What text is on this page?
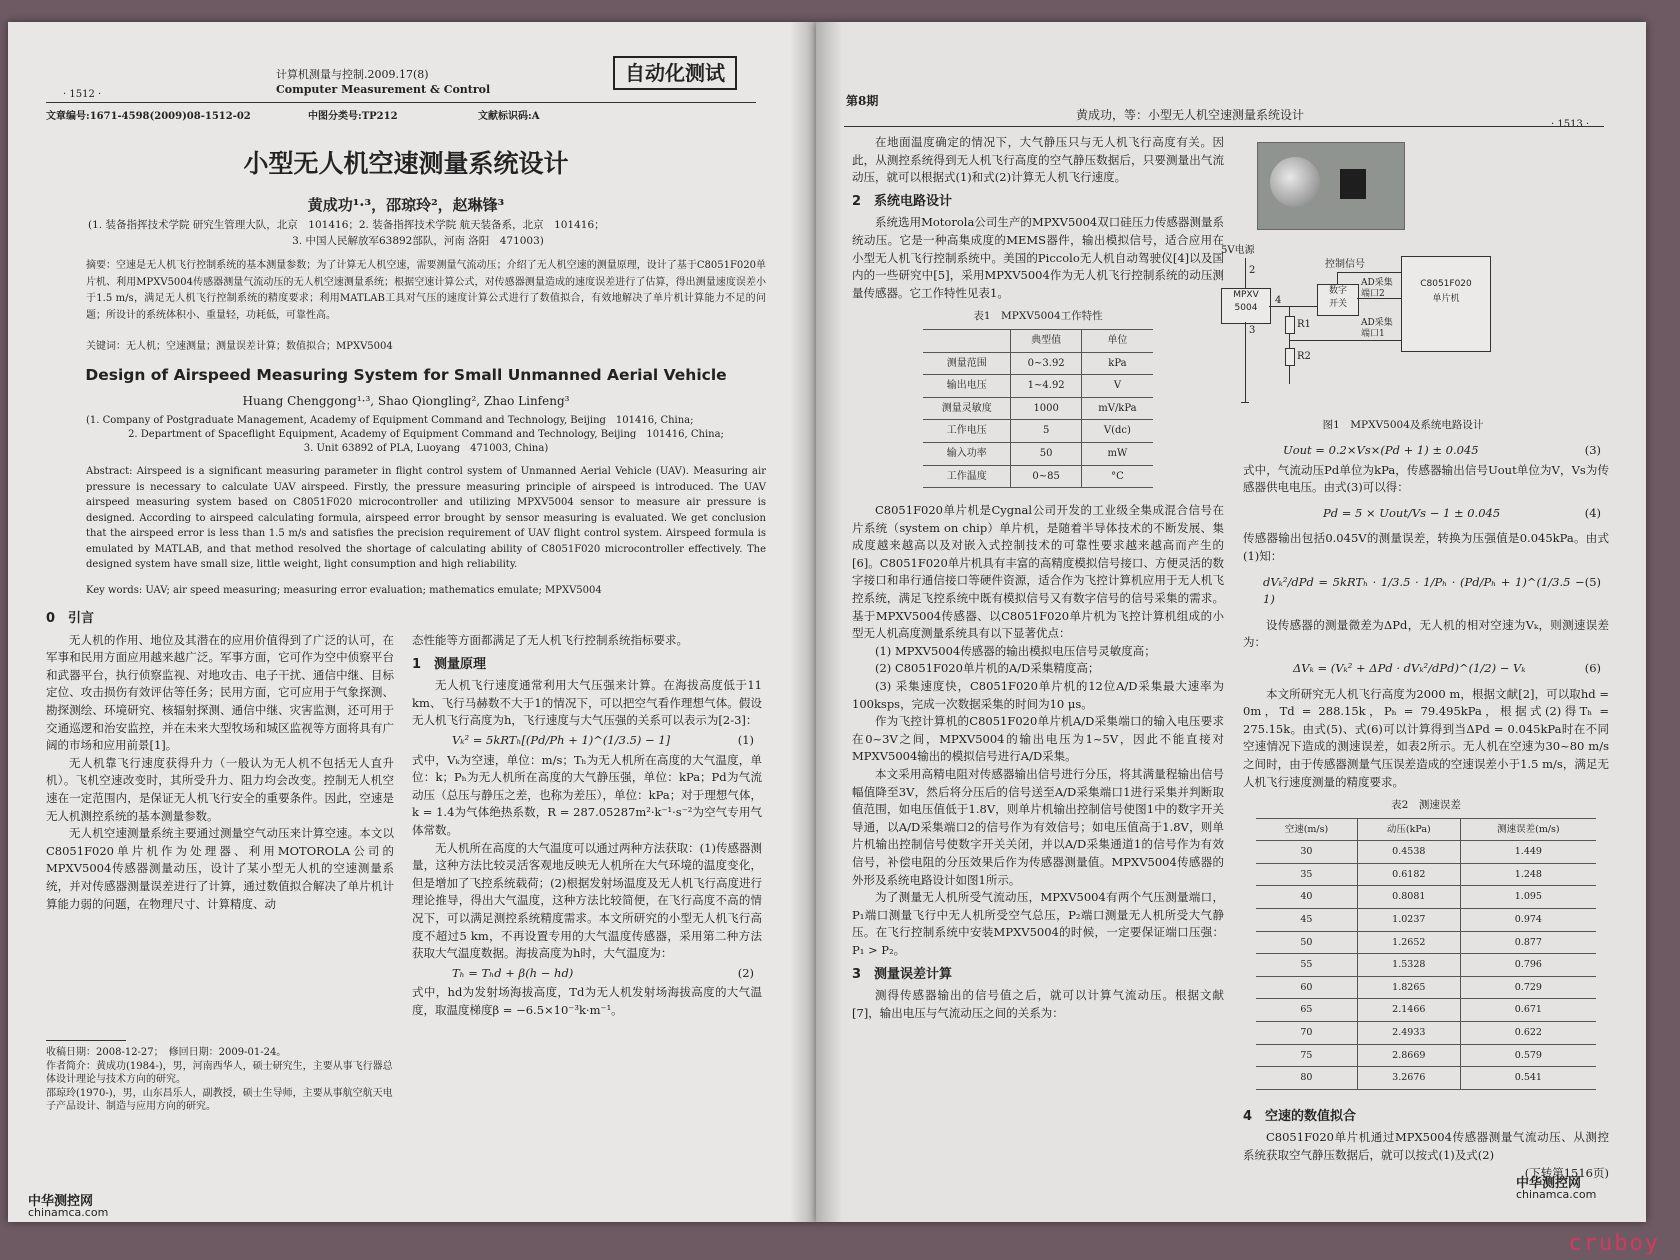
计算机测量与控制.2009.17(8)
Computer Measurement & Control
· 1512 ·
自动化测试
文章编号:1671-4598(2009)08-1512-02	中图分类号:TP212	文献标识码:A
小型无人机空速测量系统设计
黄成功¹·³，邵琼玲²，赵琳锋³
(1. 装备指挥技术学院 研究生管理大队，北京　101416；2. 装备指挥技术学院 航天装备系，北京　101416；
3. 中国人民解放军63892部队，河南 洛阳　471003)
摘要：空速是无人机飞行控制系统的基本测量参数；为了计算无人机空速，需要测量气流动压；介绍了无人机空速的测量原理，设计了基于C8051F020单片机、利用MPXV5004传感器测量气流动压的无人机空速测量系统；根据空速计算公式，对传感器测量造成的速度误差进行了估算，得出测量速度误差小于1.5 m/s，满足无人机飞行控制系统的精度要求；利用MATLAB工具对气压的速度计算公式进行了数值拟合，有效地解决了单片机计算能力不足的问题；所设计的系统体积小、重量轻，功耗低，可靠性高。
关键词：无人机；空速测量；测量误差计算；数值拟合；MPXV5004
Design of Airspeed Measuring System for Small Unmanned Aerial Vehicle
Huang Chenggong¹·³, Shao Qiongling², Zhao Linfeng³
(1. Company of Postgraduate Management, Academy of Equipment Command and Technology, Beijing　101416, China;
2. Department of Spaceflight Equipment, Academy of Equipment Command and Technology, Beijing　101416, China;
3. Unit 63892 of PLA, Luoyang　471003, China)
Abstract: Airspeed is a significant measuring parameter in flight control system of Unmanned Aerial Vehicle (UAV). Measuring air pressure is necessary to calculate UAV airspeed. Firstly, the pressure measuring principle of airspeed is introduced. The UAV airspeed measuring system based on C8051F020 microcontroller and utilizing MPXV5004 sensor to measure air pressure is designed. According to airspeed calculating formula, airspeed error brought by sensor measuring is evaluated. We get conclusion that the airspeed error is less than 1.5 m/s and satisfies the precision requirement of UAV flight control system. Airspeed formula is emulated by MATLAB, and that method resolved the shortage of calculating ability of C8051F020 microcontroller effectively. The designed system have small size, little weight, light consumption and high reliability.
Key words: UAV; air speed measuring; measuring error evaluation; mathematics emulate; MPXV5004
0　引言

无人机的作用、地位及其潜在的应用价值得到了广泛的认可，在军事和民用方面应用越来越广泛。军事方面，它可作为空中侦察平台和武器平台，执行侦察监视、对地攻击、电子干扰、通信中继、目标定位、攻击损伤有效评估等任务；民用方面，它可应用于气象探测、勘探测绘、环境研究、核辐射探测、通信中继、灾害监测，还可用于交通巡逻和治安监控，并在未来大型牧场和城区监视等方面将具有广阔的市场和应用前景[1]。

无人机靠飞行速度获得升力（一般认为无人机不包括无人直升机）。飞机空速改变时，其所受升力、阻力均会改变。控制无人机空速在一定范围内，是保证无人机飞行安全的重要条件。因此，空速是无人机测控系统的基本测量参数。

无人机空速测量系统主要通过测量空气动压来计算空速。本文以C8051F020单片机作为处理器、利用MOTOROLA公司的MPXV5004传感器测量动压，设计了某小型无人机的空速测量系统，并对传感器测量误差进行了计算，通过数值拟合解决了单片机计算能力弱的问题，在物理尺寸、计算精度、动

收稿日期：2008-12-27；　修回日期：2009-01-24。
作者简介：黄成功(1984-)，男，河南西华人，硕士研究生，主要从事飞行器总体设计理论与技术方向的研究。
邵琼玲(1970-)，男，山东昌乐人，副教授，硕士生导师，主要从事航空航天电子产品设计、制造与应用方向的研究。

态性能等方面都满足了无人机飞行控制系统指标要求。

1　测量原理

无人机飞行速度通常利用大气压强来计算。在海拔高度低于11 km、飞行马赫数不大于1的情况下，可以把空气看作理想气体。假设无人机飞行高度为h，飞行速度与大气压强的关系可以表示为[2-3]：

Vₖ² = 5kRTₕ[(Pd/Ph + 1)^(1/3.5) − 1]	(1)

式中，Vₖ为空速，单位：m/s；Tₕ为无人机所在高度的大气温度，单位：k；Pₕ为无人机所在高度的大气静压强，单位：kPa；Pd为气流动压（总压与静压之差，也称为差压），单位：kPa；对于理想气体，k = 1.4为气体绝热系数，R = 287.05287m²·k⁻¹·s⁻²为空气专用气体常数。

无人机所在高度的大气温度可以通过两种方法获取：(1)传感器测量，这种方法比较灵活客观地反映无人机所在大气环境的温度变化，但是增加了飞控系统载荷；(2)根据发射场温度及无人机飞行高度进行理论推导，得出大气温度，这种方法比较简便，在飞行高度不高的情况下，可以满足测控系统精度需求。本文所研究的小型无人机飞行高度不超过5 km，不再设置专用的大气温度传感器，采用第二种方法获取大气温度数据。海拔高度为h时，大气温度为：

Tₕ = Tₕd + β(h − hd)	(2)

式中，hd为发射场海拔高度，Td为无人机发射场海拔高度的大气温度，取温度梯度β = −6.5×10⁻³k·m⁻¹。

中华测控网
chinamca.com
第8期
黄成功，等：小型无人机空速测量系统设计
· 1513 ·

在地面温度确定的情况下，大气静压只与无人机飞行高度有关。因此，从测控系统得到无人机飞行高度的空气静压数据后，只要测量出气流动压，就可以根据式(1)和式(2)计算无人机飞行速度。

2　系统电路设计

系统选用Motorola公司生产的MPXV5004双口硅压力传感器测量系统动压。它是一种高集成度的MEMS器件，输出模拟信号，适合应用在小型无人机飞行控制系统中。美国的Piccolo无人机自动驾驶仪[4]以及国内的一些研究中[5]，采用MPXV5004作为无人机飞行控制系统的动压测量传感器。它工作特性见表1。

表1　MPXV5004工作特性
	典型值	单位
测量范围	0~3.92	kPa
输出电压	1~4.92	V
测量灵敏度	1000	mV/kPa
工作电压	5	V(dc)
输入功率	50	mW
工作温度	0~85	°C

C8051F020单片机是Cygnal公司开发的工业级全集成混合信号在片系统（system on chip）单片机，是随着半导体技术的不断发展、集成度越来越高以及对嵌入式控制技术的可靠性要求越来越高而产生的[6]。C8051F020单片机具有丰富的高精度模拟信号接口、方便灵活的数字接口和串行通信接口等硬件资源，适合作为飞控计算机应用于无人机飞控系统，满足飞控系统中既有模拟信号又有数字信号的信号采集的需求。基于MPXV5004传感器、以C8051F020单片机为飞控计算机组成的小型无人机高度测量系统具有以下显著优点：

(1) MPXV5004传感器的输出模拟电压信号灵敏度高；

(2) C8051F020单片机的A/D采集精度高；

(3) 采集速度快，C8051F020单片机的12位A/D采集最大速率为100ksps，完成一次数据采集的时间为10 μs。

作为飞控计算机的C8051F020单片机A/D采集端口的输入电压要求在0~3V之间，MPXV5004的输出电压为1~5V，因此不能直接对MPXV5004输出的模拟信号进行A/D采集。

本文采用高精电阻对传感器输出信号进行分压，将其满量程输出信号幅值降至3V，然后将分压后的信号送至A/D采集端口1进行采集并判断取值范围，如电压值低于1.8V，则单片机输出控制信号使图1中的数字开关导通，以A/D采集端口2的信号作为有效信号；如电压值高于1.8V，则单片机输出控制信号使数字开关关闭，并以A/D采集通道1的信号作为有效信号，补偿电阻的分压效果后作为传感器测量值。MPXV5004传感器的外形及系统电路设计如图1所示。

为了测量无人机所受气流动压，MPXV5004有两个气压测量端口，P₁端口测量飞行中无人机所受空气总压，P₂端口测量无人机所受大气静压。在飞行控制系统中安装MPXV5004的时候，一定要保证端口压强：P₁ > P₂。

3　测量误差计算

测得传感器输出的信号值之后，就可以计算气流动压。根据文献[7]，输出电压与气流动压之间的关系为：

5V电源
2
MPXV
5004
3
4
R1
R2
数字
开关
控制信号
AD采集
端口2
AD采集
端口1
C8051F020
单片机
图1　MPXV5004及系统电路设计
Uout = 0.2×Vs×(Pd + 1) ± 0.045	(3)

式中，气流动压Pd单位为kPa，传感器输出信号Uout单位为V，Vs为传感器供电电压。由式(3)可以得：

Pd = 5 × Uout/Vs − 1 ± 0.045	(4)

传感器输出包括0.045V的测量误差，转换为压强值是0.045kPa。由式(1)知：

dVₖ²/dPd = 5kRTₕ · 1/3.5 · 1/Pₕ · (Pd/Pₕ + 1)^(1/3.5 − 1)
(5)

设传感器的测量微差为ΔPd，无人机的相对空速为Vₖ，则测速误差为：

ΔVₖ = (Vₖ² + ΔPd · dVₖ²/dPd)^(1/2) − Vₖ	(6)

本文所研究无人机飞行高度为2000 m，根据文献[2]，可以取hd = 0m，Td = 288.15k，Pₕ = 79.495kPa，根据式(2)得Tₕ = 275.15k。由式(5)、式(6)可以计算得到当ΔPd = 0.045kPa时在不同空速情况下造成的测速误差，如表2所示。无人机在空速为30~80 m/s之间时，由于传感器测量气压误差造成的空速误差小于1.5 m/s，满足无人机飞行速度测量的精度要求。

表2　测速误差
空速(m/s)	动压(kPa)	测速误差(m/s)
30	0.4538	1.449
35	0.6182	1.248
40	0.8081	1.095
45	1.0237	0.974
50	1.2652	0.877
55	1.5328	0.796
60	1.8265	0.729
65	2.1466	0.671
70	2.4933	0.622
75	2.8669	0.579
80	3.2676	0.541
4　空速的数值拟合

C8051F020单片机通过MPX5004传感器测量气流动压、从测控系统获取空气静压数据后，就可以按式(1)及式(2)

(下转第1516页)
中华测控网
chinamca.com
cruboy
